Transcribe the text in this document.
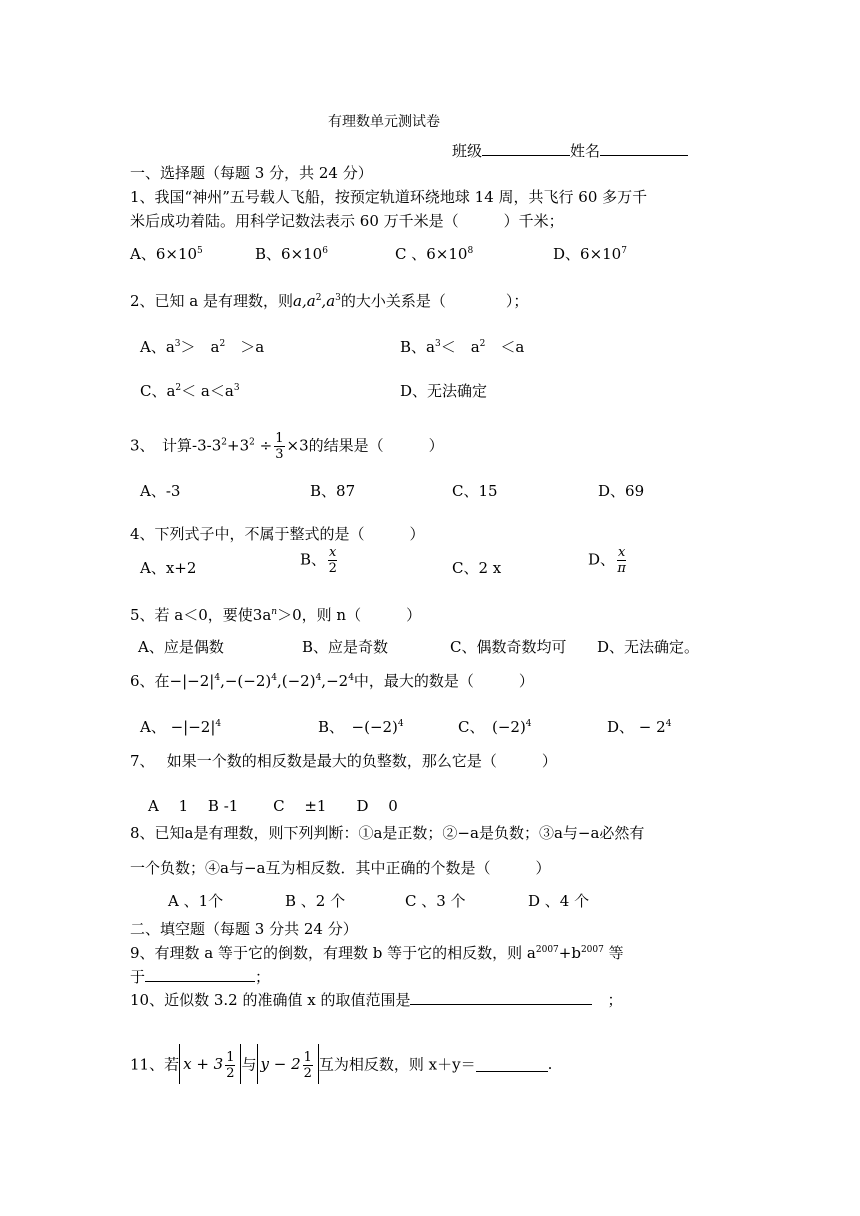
有理数单元测试卷
班级	姓名
一、选择题（每题 3 分，共 24 分）
1、我国“神州”五号载人飞船，按预定轨道环绕地球 14 周，共飞行 60 多万千
米后成功着陆。用科学记数法表示 60 万千米是（　　　）千米；
A、$6\times 10^5$	B、$6\times 10^6$	C 、$6\times 10^8$	D、$6\times 10^7$
2、已知 a 是有理数，则$a,a^2,a^3$的大小关系是（　　　　）；
A、$a^3>$　$a^2$　＞a	B、$a^3<$　$a^2$　＜a
C、$a^2< a<a^3$	D、无法确定
3、　计算$-3-3^2+3^2 \div \frac{1}{3} \times 3$的结果是（　　　）
A、-3	B、87	C、15	D、69
4、下列式子中，不属于整式的是（　　　）
A、x+2	B、 $\frac{x}{2}$	C、2 x	D、 $\frac{x}{\pi}$
5、若 a＜0，要使$3a^n>0$，则 n（　　　）
A、应是偶数	B、应是奇数	C、偶数奇数均可 D、无法确定。
6、在$-|-2|^4,-(-2)^4,(-2)^4,-2^4$中，最大的数是（　　　）
A、 $-|-2|^4$	B、　$-(-2)^4$	C、　$(-2)^4$	D、 − $2^4$
7、　 如果一个数的相反数是最大的负整数，那么它是（　　　）
A　 1　 B -1　　 C　 ±1　　D　 0
8、已知a是有理数，则下列判断：①a是正数；②−a是负数；③a与−a必然有
一个负数；④a与−a互为相反数．其中正确的个数是（　　　）
A 、1个	B 、2 个	C 、3 个	D 、4 个
二、填空题（每题 3 分共 24 分）
9、有理数 a 等于它的倒数，有理数 b 等于它的相反数，则 $a^{2007}+b^{2007}$ 等
于	；
10、近似数 3.2 的准确值 x 的取值范围是	　；
11、若 $x + 3 \frac{1}{2}$ 与 $y - 2 \frac{1}{2}$ 互为相反数，则 x＋y＝	.
